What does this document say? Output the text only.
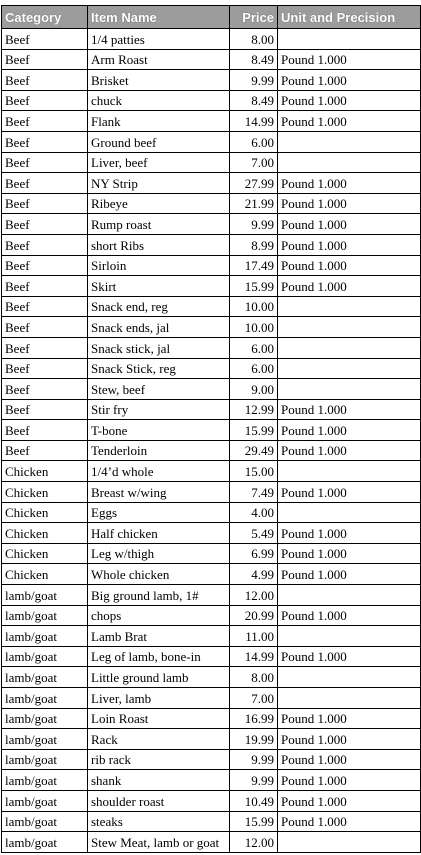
Category	Item Name	Price	Unit and Precision
Beef	1/4 patties	8.00	
Beef	Arm Roast	8.49	Pound 1.000
Beef	Brisket	9.99	Pound 1.000
Beef	chuck	8.49	Pound 1.000
Beef	Flank	14.99	Pound 1.000
Beef	Ground beef	6.00	
Beef	Liver, beef	7.00	
Beef	NY Strip	27.99	Pound 1.000
Beef	Ribeye	21.99	Pound 1.000
Beef	Rump roast	9.99	Pound 1.000
Beef	short Ribs	8.99	Pound 1.000
Beef	Sirloin	17.49	Pound 1.000
Beef	Skirt	15.99	Pound 1.000
Beef	Snack end, reg	10.00	
Beef	Snack ends, jal	10.00	
Beef	Snack stick, jal	6.00	
Beef	Snack Stick, reg	6.00	
Beef	Stew, beef	9.00	
Beef	Stir fry	12.99	Pound 1.000
Beef	T-bone	15.99	Pound 1.000
Beef	Tenderloin	29.49	Pound 1.000
Chicken	1/4’d whole	15.00	
Chicken	Breast w/wing	7.49	Pound 1.000
Chicken	Eggs	4.00	
Chicken	Half chicken	5.49	Pound 1.000
Chicken	Leg w/thigh	6.99	Pound 1.000
Chicken	Whole chicken	4.99	Pound 1.000
lamb/goat	Big ground lamb, 1#	12.00	
lamb/goat	chops	20.99	Pound 1.000
lamb/goat	Lamb Brat	11.00	
lamb/goat	Leg of lamb, bone-in	14.99	Pound 1.000
lamb/goat	Little ground lamb	8.00	
lamb/goat	Liver, lamb	7.00	
lamb/goat	Loin Roast	16.99	Pound 1.000
lamb/goat	Rack	19.99	Pound 1.000
lamb/goat	rib rack	9.99	Pound 1.000
lamb/goat	shank	9.99	Pound 1.000
lamb/goat	shoulder roast	10.49	Pound 1.000
lamb/goat	steaks	15.99	Pound 1.000
lamb/goat	Stew Meat, lamb or goat	12.00	
